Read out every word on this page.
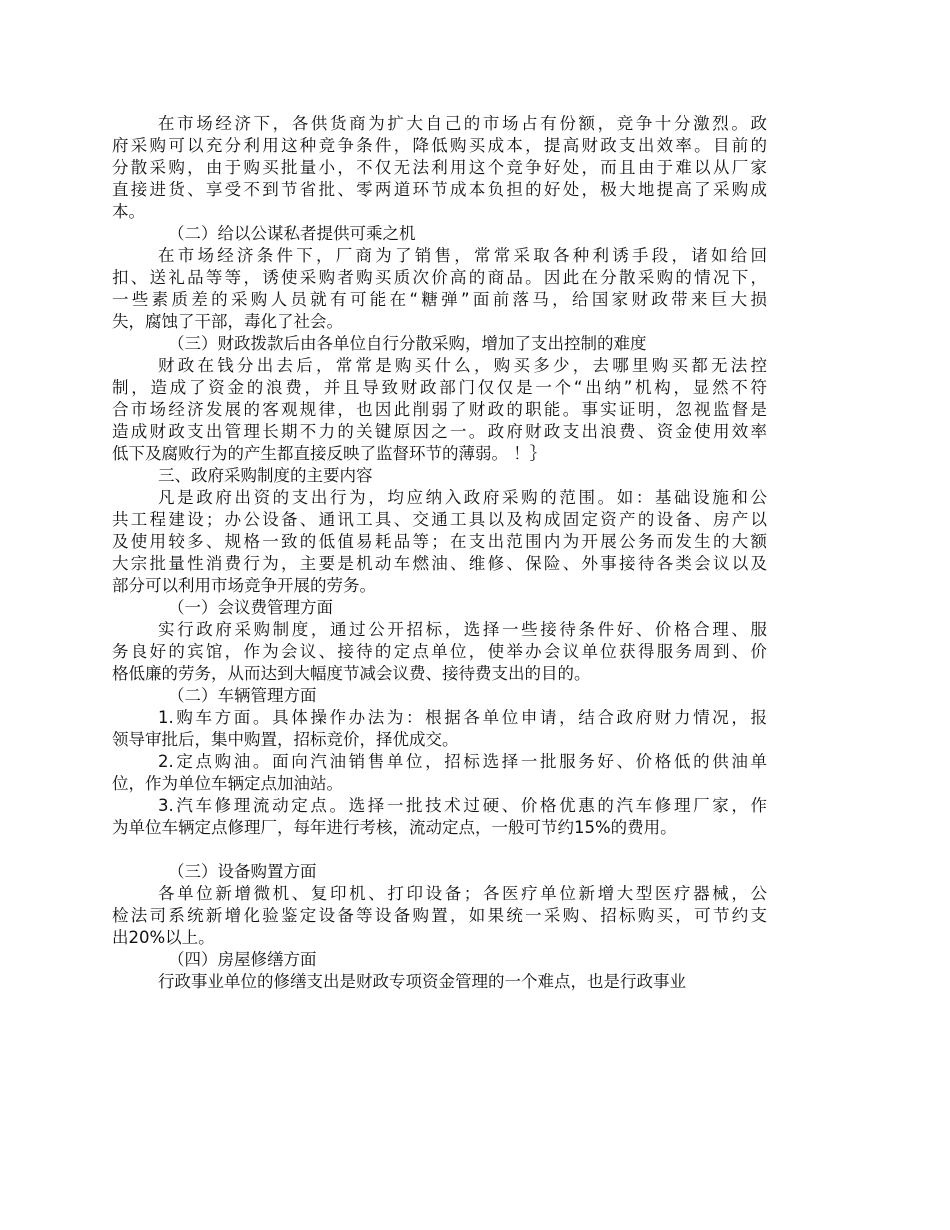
在市场经济下，各供货商为扩大自己的市场占有份额，竞争十分激烈。政
府采购可以充分利用这种竞争条件，降低购买成本，提高财政支出效率。目前的
分散采购，由于购买批量小，不仅无法利用这个竞争好处，而且由于难以从厂家
直接进货、享受不到节省批、零两道环节成本负担的好处，极大地提高了采购成
本。
（二）给以公谋私者提供可乘之机
在市场经济条件下，厂商为了销售，常常采取各种利诱手段，诸如给回
扣、送礼品等等，诱使采购者购买质次价高的商品。因此在分散采购的情况下，
一些素质差的采购人员就有可能在“糖弹”面前落马，给国家财政带来巨大损
失，腐蚀了干部，毒化了社会。
（三）财政拨款后由各单位自行分散采购，增加了支出控制的难度
财政在钱分出去后，常常是购买什么，购买多少，去哪里购买都无法控
制，造成了资金的浪费，并且导致财政部门仅仅是一个“出纳”机构，显然不符
合市场经济发展的客观规律，也因此削弱了财政的职能。事实证明，忽视监督是
造成财政支出管理长期不力的关键原因之一。政府财政支出浪费、资金使用效率
低下及腐败行为的产生都直接反映了监督环节的薄弱。 ！｝
三、政府采购制度的主要内容
凡是政府出资的支出行为，均应纳入政府采购的范围。如：基础设施和公
共工程建设；办公设备、通讯工具、交通工具以及构成固定资产的设备、房产以
及使用较多、规格一致的低值易耗品等；在支出范围内为开展公务而发生的大额
大宗批量性消费行为，主要是机动车燃油、维修、保险、外事接待各类会议以及
部分可以利用市场竞争开展的劳务。
（一）会议费管理方面
实行政府采购制度，通过公开招标，选择一些接待条件好、价格合理、服
务良好的宾馆，作为会议、接待的定点单位，使举办会议单位获得服务周到、价
格低廉的劳务，从而达到大幅度节减会议费、接待费支出的目的。
（二）车辆管理方面
1.购车方面。具体操作办法为：根据各单位申请，结合政府财力情况，报
领导审批后，集中购置，招标竞价，择优成交。
2.定点购油。面向汽油销售单位，招标选择一批服务好、价格低的供油单
位，作为单位车辆定点加油站。
3.汽车修理流动定点。选择一批技术过硬、价格优惠的汽车修理厂家，作
为单位车辆定点修理厂，每年进行考核，流动定点，一般可节约15%的费用。
（三）设备购置方面
各单位新增微机、复印机、打印设备；各医疗单位新增大型医疗器械，公
检法司系统新增化验鉴定设备等设备购置，如果统一采购、招标购买，可节约支
出20%以上。
（四）房屋修缮方面
行政事业单位的修缮支出是财政专项资金管理的一个难点，也是行政事业
